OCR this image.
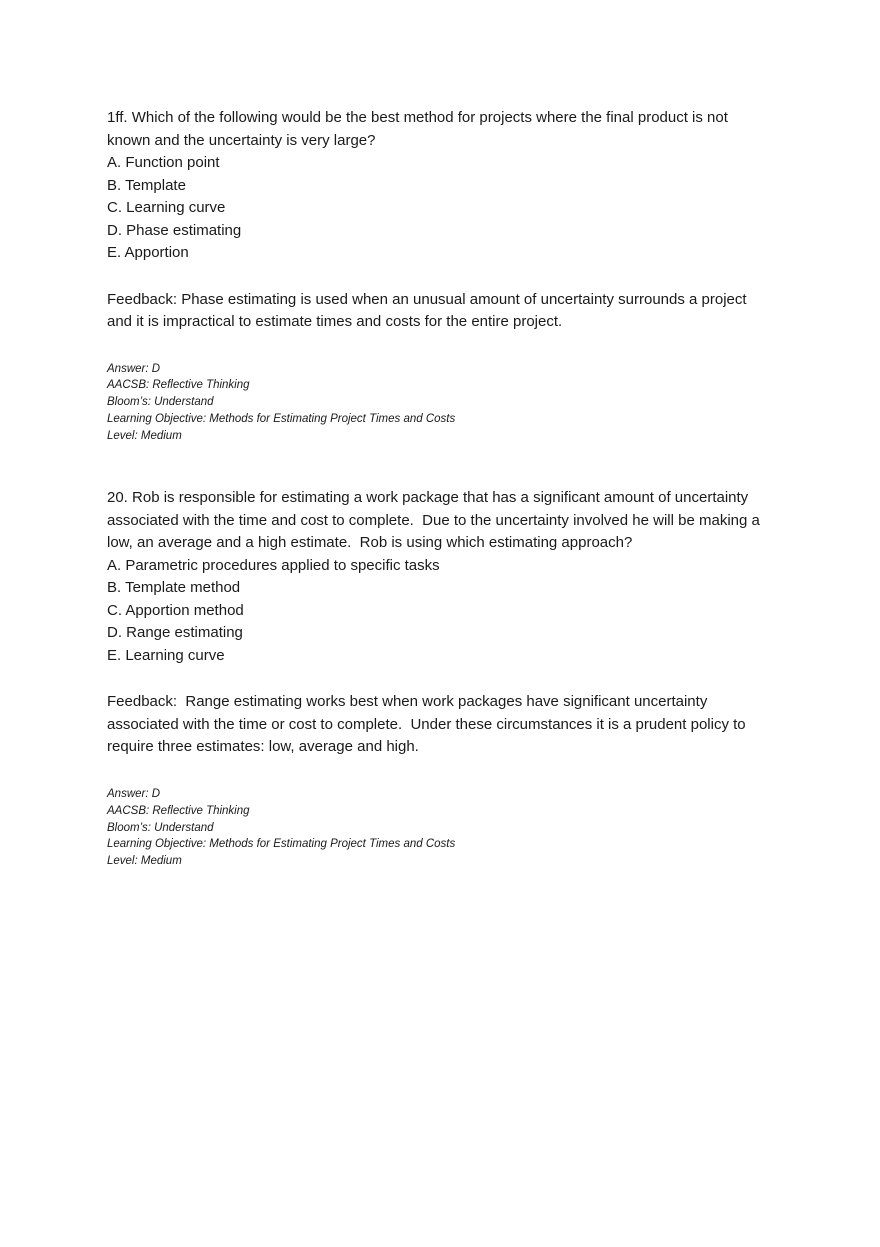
1ff. Which of the following would be the best method for projects where the final product is not known and the uncertainty is very large?

A. Function point

B. Template

C. Learning curve

D. Phase estimating

E. Apportion

Feedback: Phase estimating is used when an unusual amount of uncertainty surrounds a project and it is impractical to estimate times and costs for the entire project.

Answer: D

AACSB: Reflective Thinking

Bloom’s: Understand

Learning Objective: Methods for Estimating Project Times and Costs

Level: Medium

20. Rob is responsible for estimating a work package that has a significant amount of uncertainty associated with the time and cost to complete.  Due to the uncertainty involved he will be making a low, an average and a high estimate.  Rob is using which estimating approach?

A. Parametric procedures applied to specific tasks

B. Template method

C. Apportion method

D. Range estimating

E. Learning curve

Feedback:  Range estimating works best when work packages have significant uncertainty associated with the time or cost to complete.  Under these circumstances it is a prudent policy to require three estimates: low, average and high.

Answer: D

AACSB: Reflective Thinking

Bloom’s: Understand

Learning Objective: Methods for Estimating Project Times and Costs

Level: Medium
